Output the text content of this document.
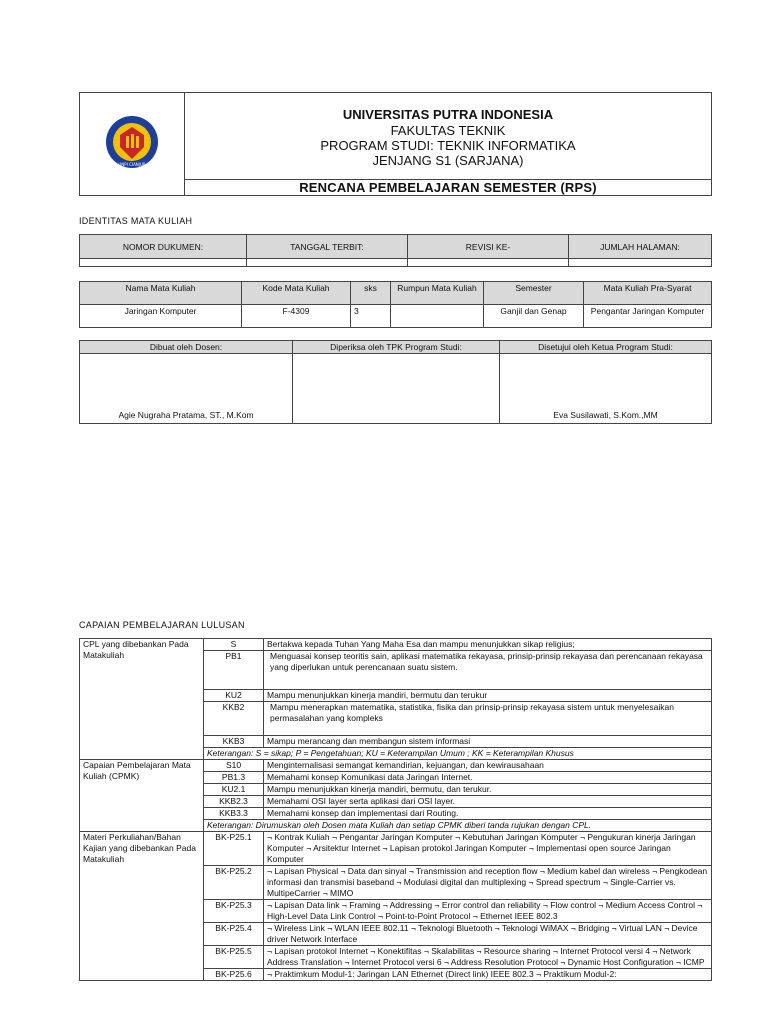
UNPI CIANJUR

UNIVERSITAS PUTRA INDONESIA
FAKULTAS TEKNIK
PROGRAM STUDI: TEKNIK INFORMATIKA
JENJANG S1 (SARJANA)

RENCANA PEMBELAJARAN SEMESTER (RPS)
IDENTITAS MATA KULIAH
NOMOR DUKUMEN:	TANGGAL TERBIT:	REVISI KE-	JUMLAH HALAMAN:

Nama Mata Kuliah	Kode Mata Kuliah	sks	Rumpun Mata Kuliah	Semester	Mata Kuliah Pra-Syarat
Jaringan Komputer	F-4309	3		Ganjil dan Genap	Pengantar Jaringan Komputer
Dibuat oleh Dosen:	Diperiksa oleh TPK Program Studi:	Disetujui oleh Ketua Program Studi:
Agie Nugraha Pratama, ST., M.Kom		Eva Susilawati, S.Kom.,MM
CAPAIAN PEMBELAJARAN LULUSAN
CPL yang dibebankan Pada Matakuliah	S	Bertakwa kepada Tuhan Yang Maha Esa dan mampu menunjukkan sikap religius;
	PB1	Menguasai konsep teoritis sain, aplikasi matematika rekayasa, prinsip-prinsip rekayasa dan perencanaan rekayasa yang diperlukan untuk perencanaan suatu sistem.
	KU2	Mampu menunjukkan kinerja mandiri, bermutu dan terukur
	KKB2	Mampu menerapkan matematika, statistika, fisika dan prinsip-prinsip rekayasa sistem untuk menyelesaikan permasalahan yang kompleks
	KKB3	Mampu merancang dan membangun sistem informasi
	Keterangan: S = sikap; P = Pengetahuan; KU = Keterampilan Umum ; KK = Keterampilan Khusus	
Capaian Pembelajaran Mata Kuliah (CPMK)	S10	Menginternalisasi semangat kemandirian, kejuangan, dan kewirausahaan
	PB1.3	Memahami konsep Komunikasi data Jaringan Internet.
	KU2.1	Mampu menunjukkan kinerja mandiri, bermutu, dan terukur.
	KKB2.3	Memahami OSI layer serta aplikasi dari OSI layer.
	KKB3.3	Memahami konsep dan implementasi dari Routing.
	Keterangan: Dirumuskan oleh Dosen mata Kuliah dan setiap CPMK diberi tanda rujukan dengan CPL.	
Materi Perkuliahan/Bahan Kajian yang dibebankan Pada Matakuliah	BK-P25.1	¬ Kontrak Kuliah ¬ Pengantar Jaringan Komputer ¬ Kebutuhan Jaringan Komputer ¬ Pengukuran kinerja Jaringan Komputer ¬ Arsitektur Internet ¬ Lapisan protokol Jaringan Komputer ¬ Implementasi open source Jaringan Komputer
	BK-P25.2	¬ Lapisan Physical ¬ Data dan sinyal ¬ Transmission and reception flow ¬ Medium kabel dan wireless ¬ Pengkodean informasi dan transmisi baseband ¬ Modulasi digital dan multiplexing ¬ Spread spectrum ¬ Single-Carrier vs. MultipeCarrier ¬ MIMO
	BK-P25.3	¬ Lapisan Data link ¬ Framing ¬ Addressing ¬ Error control dan reliability ¬ Flow control ¬ Medium Access Control ¬ High-Level Data Link Control ¬ Point-to-Point Protocol ¬ Ethernet IEEE 802.3
	BK-P25.4	¬ Wireless Link ¬ WLAN IEEE 802.11 ¬ Teknologi Bluetooth ¬ Teknologi WiMAX ¬ Bridging ¬ Virtual LAN ¬ Device driver Network Interface
	BK-P25.5	¬ Lapisan protokol Internet ¬ Konektifitas ¬ Skalabilitas ¬ Resource sharing ¬ Internet Protocol versi 4 ¬ Network Address Translation ¬ Internet Protocol versi 6 ¬ Address Resolution Protocol ¬ Dynamic Host Configuration ¬ ICMP
	BK-P25.6	¬ Praktimkum Modul-1: Jaringan LAN Ethernet (Direct link) IEEE 802.3 ¬ Praktikum Modul-2:
